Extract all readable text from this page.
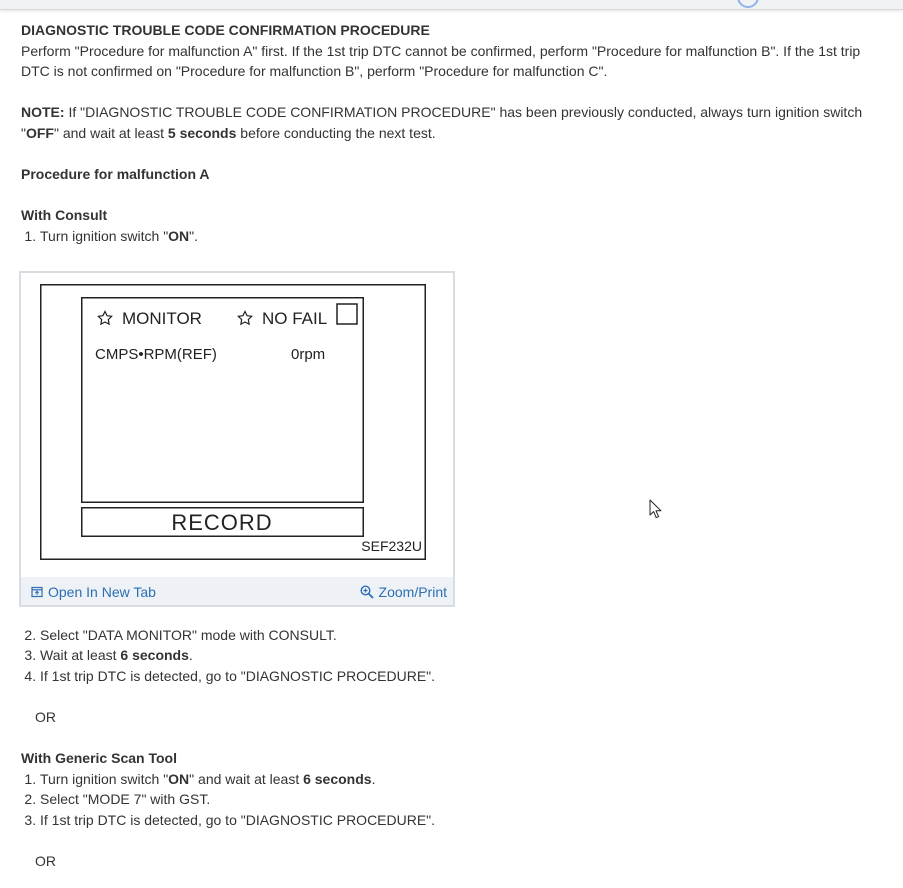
DIAGNOSTIC TROUBLE CODE CONFIRMATION PROCEDURE

Perform "Procedure for malfunction A" first. If the 1st trip DTC cannot be confirmed, perform "Procedure for malfunction B". If the 1st trip DTC is not confirmed on "Procedure for malfunction B", perform "Procedure for malfunction C".

NOTE: If "DIAGNOSTIC TROUBLE CODE CONFIRMATION PROCEDURE" has been previously conducted, always turn ignition switch "OFF" and wait at least 5 seconds before conducting the next test.

Procedure for malfunction A

With Consult

1. Turn ignition switch "ON".
MONITOR	NO FAIL
CMPS•RPM(REF)	0rpm
RECORD
SEF232U
Open In New Tab	Zoom/Print
2. Select "DATA MONITOR" mode with CONSULT.
3. Wait at least 6 seconds.
4. If 1st trip DTC is detected, go to "DIAGNOSTIC PROCEDURE".

OR

With Generic Scan Tool

1. Turn ignition switch "ON" and wait at least 6 seconds.
2. Select "MODE 7" with GST.
3. If 1st trip DTC is detected, go to "DIAGNOSTIC PROCEDURE".

OR
